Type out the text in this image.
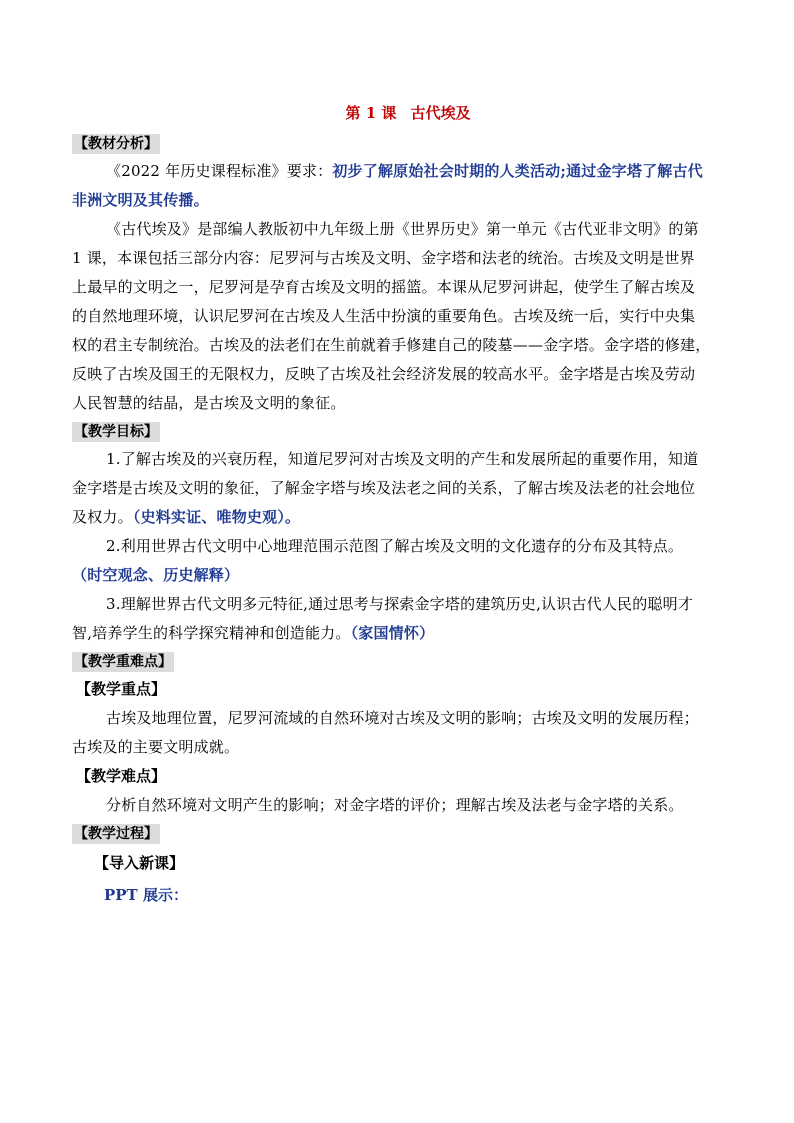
第 1 课 古代埃及
【教材分析】
《2022 年历史课程标准》要求：初步了解原始社会时期的人类活动;通过金字塔了解古代
非洲文明及其传播。
《古代埃及》是部编人教版初中九年级上册《世界历史》第一单元《古代亚非文明》的第
1 课，本课包括三部分内容：尼罗河与古埃及文明、金字塔和法老的统治。古埃及文明是世界
上最早的文明之一，尼罗河是孕育古埃及文明的摇篮。本课从尼罗河讲起，使学生了解古埃及
的自然地理环境，认识尼罗河在古埃及人生活中扮演的重要角色。古埃及统一后，实行中央集
权的君主专制统治。古埃及的法老们在生前就着手修建自己的陵墓——金字塔。金字塔的修建，
反映了古埃及国王的无限权力，反映了古埃及社会经济发展的较高水平。金字塔是古埃及劳动
人民智慧的结晶，是古埃及文明的象征。
【教学目标】
1.了解古埃及的兴衰历程，知道尼罗河对古埃及文明的产生和发展所起的重要作用，知道
金字塔是古埃及文明的象征，了解金字塔与埃及法老之间的关系，了解古埃及法老的社会地位
及权力。（史料实证、唯物史观）。
2.利用世界古代文明中心地理范围示范图了解古埃及文明的文化遗存的分布及其特点。
（时空观念、历史解释）
3.理解世界古代文明多元特征,通过思考与探索金字塔的建筑历史,认识古代人民的聪明才
智,培养学生的科学探究精神和创造能力。（家国情怀）
【教学重难点】
【教学重点】
古埃及地理位置，尼罗河流域的自然环境对古埃及文明的影响；古埃及文明的发展历程；
古埃及的主要文明成就。
【教学难点】
分析自然环境对文明产生的影响；对金字塔的评价；理解古埃及法老与金字塔的关系。
【教学过程】
【导入新课】
PPT 展示：
